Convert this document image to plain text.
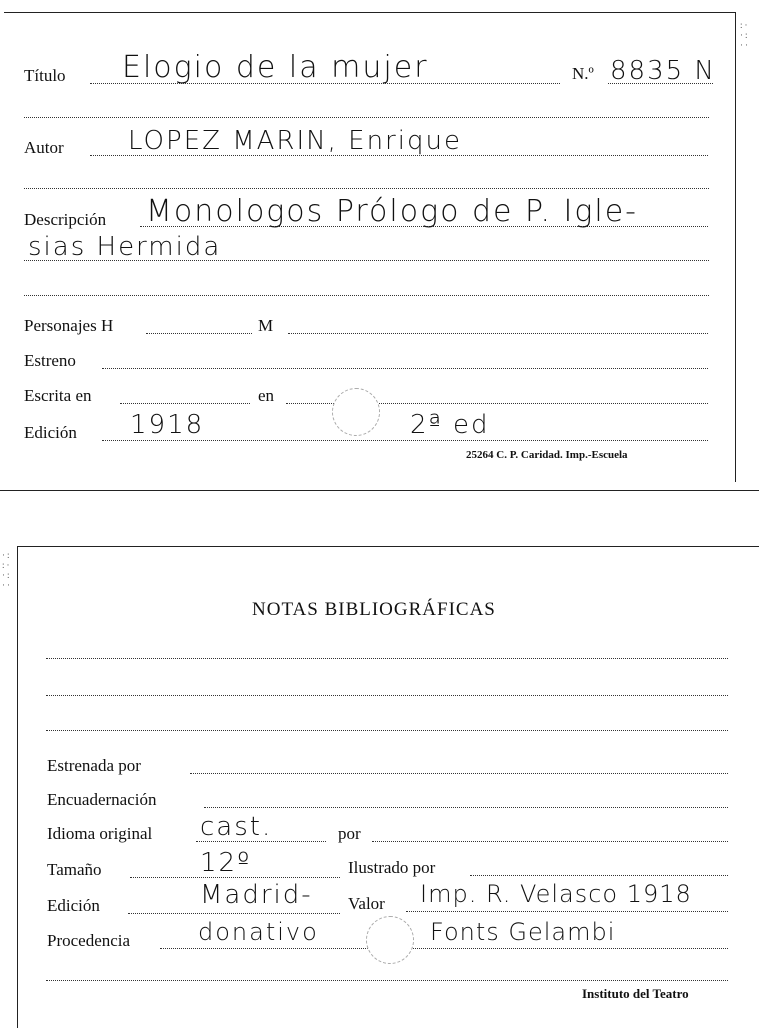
:·
·:
··
Título Elogio de la mujer	N.º 8835 N
Autor LOPEZ MARIN, Enrique
Descripción Monologos Prólogo de P. Igle-
sias Hermida
Personajes H	M
Estreno
Escrita en	en
Edición 1918	2ª ed
25264 C. P. Caridad. Imp.-Escuela
·:
:·
·:
··
NOTAS BIBLIOGRÁFICAS
Estrenada por
Encuadernación
Idioma original cast.	por
Tamaño	12º	Ilustrado por
Edición	Madrid- Valor Imp. R. Velasco 1918
Procedencia	donativo	Fonts Gelambi
Instituto del Teatro
